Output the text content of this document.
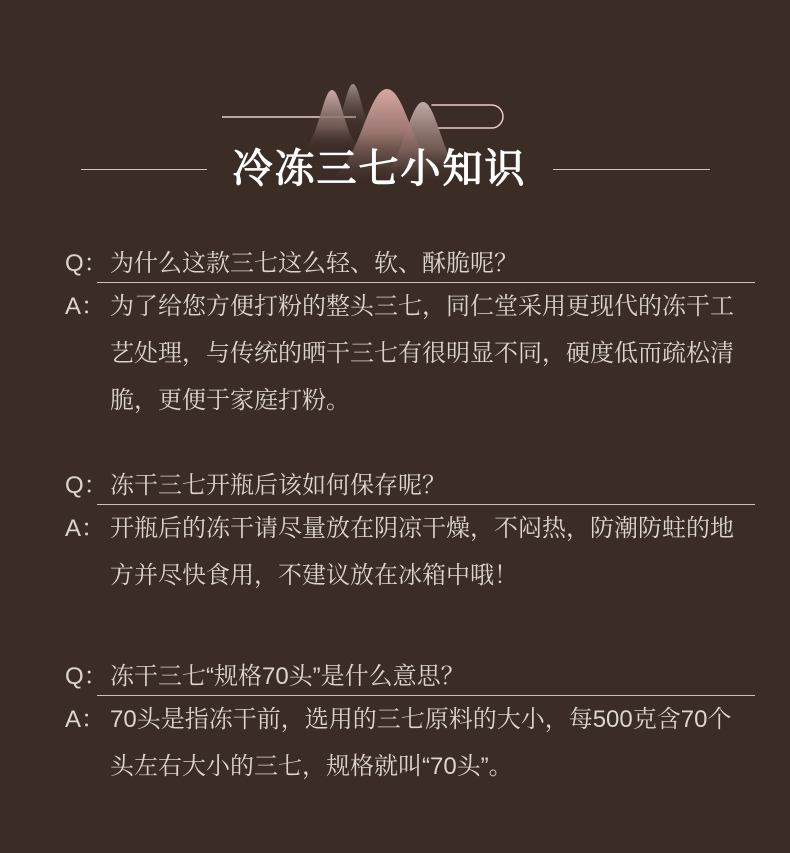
冷冻三七小知识
Q： 为什么这款三七这么轻、软、酥脆呢？
A： 为了给您方便打粉的整头三七，同仁堂采用更现代的冻干工艺处理，与传统的晒干三七有很明显不同，硬度低而疏松清脆，更便于家庭打粉。

Q： 冻干三七开瓶后该如何保存呢？
A： 开瓶后的冻干请尽量放在阴凉干燥，不闷热，防潮防蛀的地方并尽快食用，不建议放在冰箱中哦！

Q： 冻干三七“规格70头”是什么意思？
A： 70头是指冻干前，选用的三七原料的大小，每500克含70个头左右大小的三七，规格就叫“70头”。
